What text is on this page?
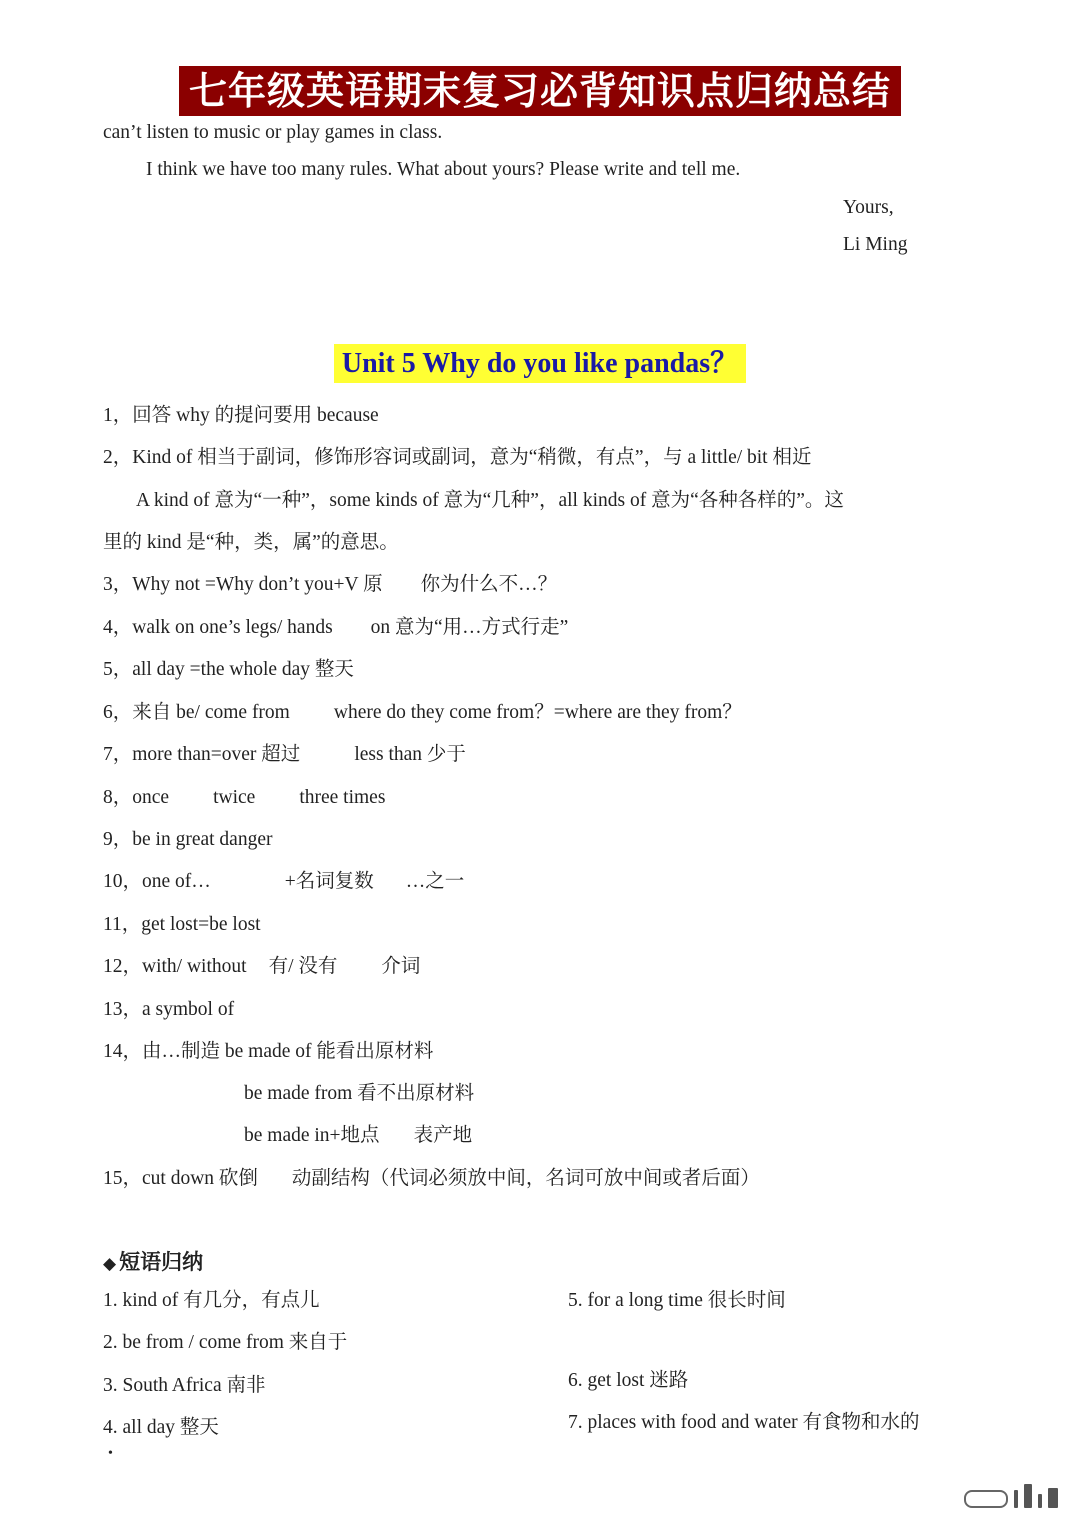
七年级英语期末复习必背知识点归纳总结
can’t listen to music or play games in class.
I think we have too many rules. What about yours? Please write and tell me.
Yours,
Li Ming
Unit 5 Why do you like pandas？
1，回答 why 的提问要用 because
2，Kind of 相当于副词，修饰形容词或副词，意为“稍微，有点”，与 a little/ bit 相近
A kind of 意为“一种”，some kinds of 意为“几种”，all kinds of 意为“各种各样的”。这
里的 kind 是“种，类，属”的意思。
3，Why not =Why don’t you+V 原 你为什么不…？
4，walk on one’s legs/ hands on 意为“用…方式行走”
5，all day =the whole day 整天
6，来自 be/ come from where do they come from？=where are they from？
7，more than=over 超过	less than 少于
8，once twice three times
9，be in great danger
10，one of…	+名词复数 …之一
11，get lost=be lost
12，with/ without 有/ 没有 介词
13，a symbol of
14，由…制造 be made of 能看出原材料
be made from 看不出原材料
be made in+地点 表产地
15，cut down 砍倒 动副结构（代词必须放中间，名词可放中间或者后面）
◆ 短语归纳
1. kind of 有几分，有点儿
2. be from / come from 来自于
3. South Africa 南非
4. all day 整天
5. for a long time 很长时间
6. get lost 迷路
7. places with food and water 有食物和水的
•
